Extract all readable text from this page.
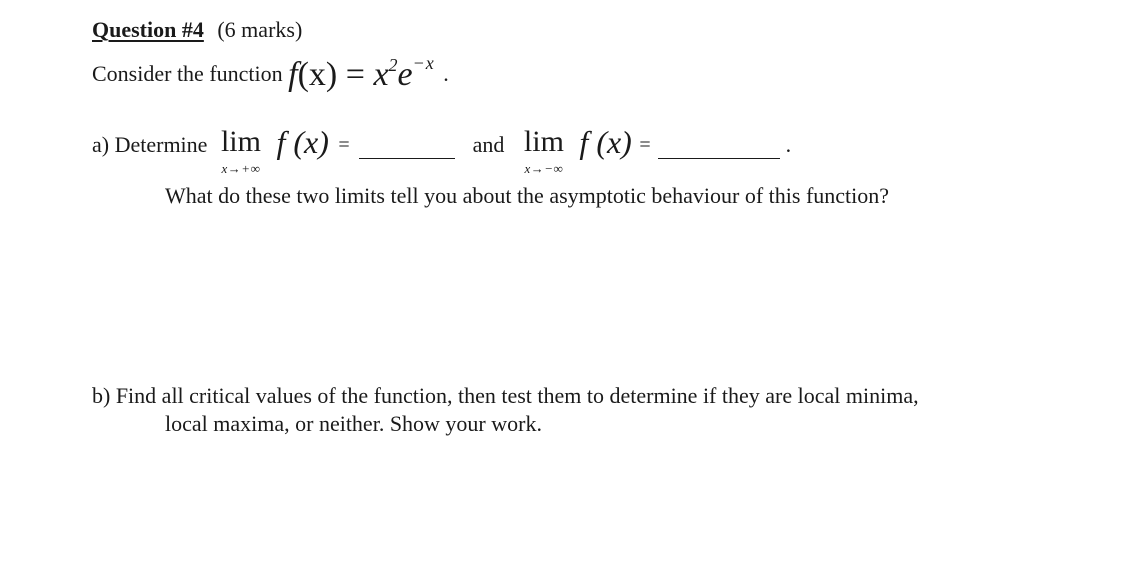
Question #4 (6 marks)
Consider the function $f(x) = x^2e^{-x}$ .
a) Determine lim
x→+∞
f (x) =	and lim
x→−∞
f (x) =	.
What do these two limits tell you about the asymptotic behaviour of this function?
b) Find all critical values of the function, then test them to determine if they are local minima,
local maxima, or neither. Show your work.
